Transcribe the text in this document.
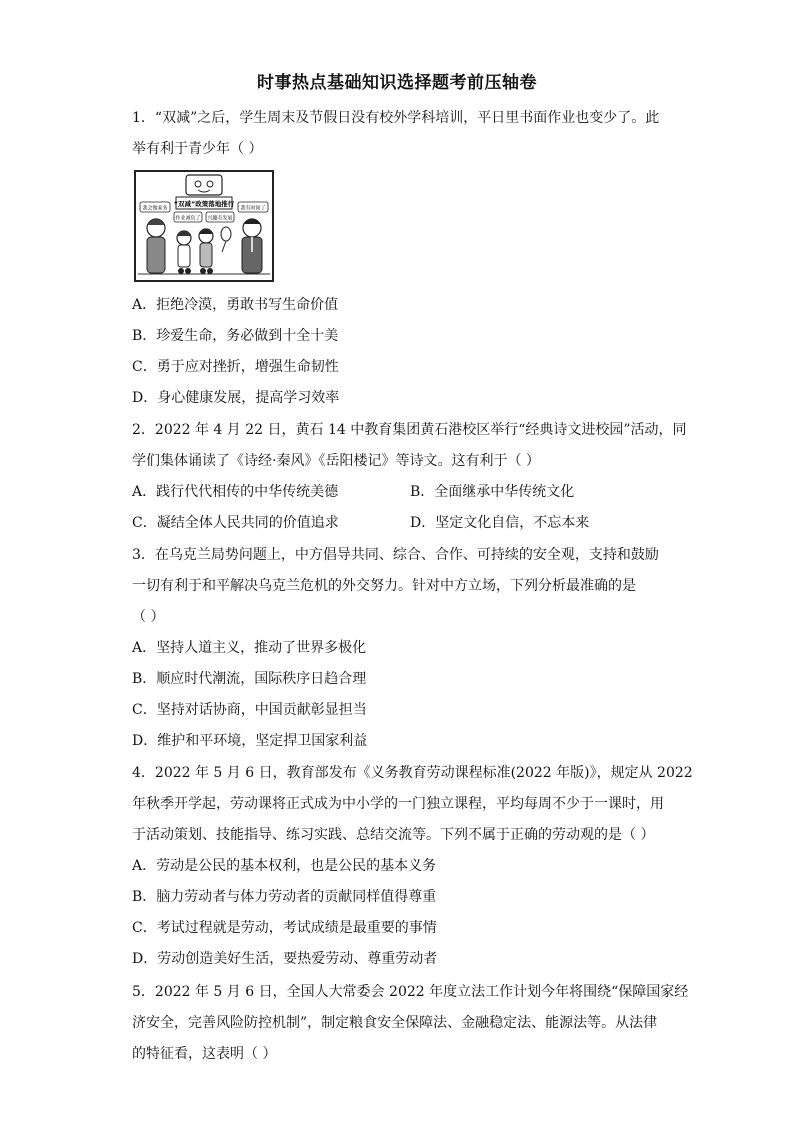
时事热点基础知识选择题考前压轴卷
1．“双减”之后，学生周末及节假日没有校外学科培训，平日里书面作业也变少了。此
举有利于青少年（ ）
“双减”政策落地推行
我会做家务
作业减负了 兴趣有发展
我有时间了
A．拒绝冷漠，勇敢书写生命价值
B．珍爱生命，务必做到十全十美
C．勇于应对挫折，增强生命韧性
D．身心健康发展，提高学习效率
2．2022 年 4 月 22 日，黄石 14 中教育集团黄石港校区举行“经典诗文进校园”活动，同
学们集体诵读了《诗经·秦风》《岳阳楼记》等诗文。这有利于（ ）
A．践行代代相传的中华传统美德	B．全面继承中华传统文化
C．凝结全体人民共同的价值追求	D．坚定文化自信，不忘本来
3．在乌克兰局势问题上，中方倡导共同、综合、合作、可持续的安全观，支持和鼓励
一切有利于和平解决乌克兰危机的外交努力。针对中方立场，下列分析最准确的是
（ ）
A．坚持人道主义，推动了世界多极化
B．顺应时代潮流，国际秩序日趋合理
C．坚持对话协商，中国贡献彰显担当
D．维护和平环境，坚定捍卫国家利益
4．2022 年 5 月 6 日，教育部发布《义务教育劳动课程标准(2022 年版)》，规定从 2022
年秋季开学起，劳动课将正式成为中小学的一门独立课程，平均每周不少于一课时，用
于活动策划、技能指导、练习实践、总结交流等。下列不属于正确的劳动观的是（ ）
A．劳动是公民的基本权利，也是公民的基本义务
B．脑力劳动者与体力劳动者的贡献同样值得尊重
C．考试过程就是劳动，考试成绩是最重要的事情
D．劳动创造美好生活，要热爱劳动、尊重劳动者
5．2022 年 5 月 6 日，全国人大常委会 2022 年度立法工作计划今年将围绕“保障国家经
济安全，完善风险防控机制”，制定粮食安全保障法、金融稳定法、能源法等。从法律
的特征看，这表明（ ）
